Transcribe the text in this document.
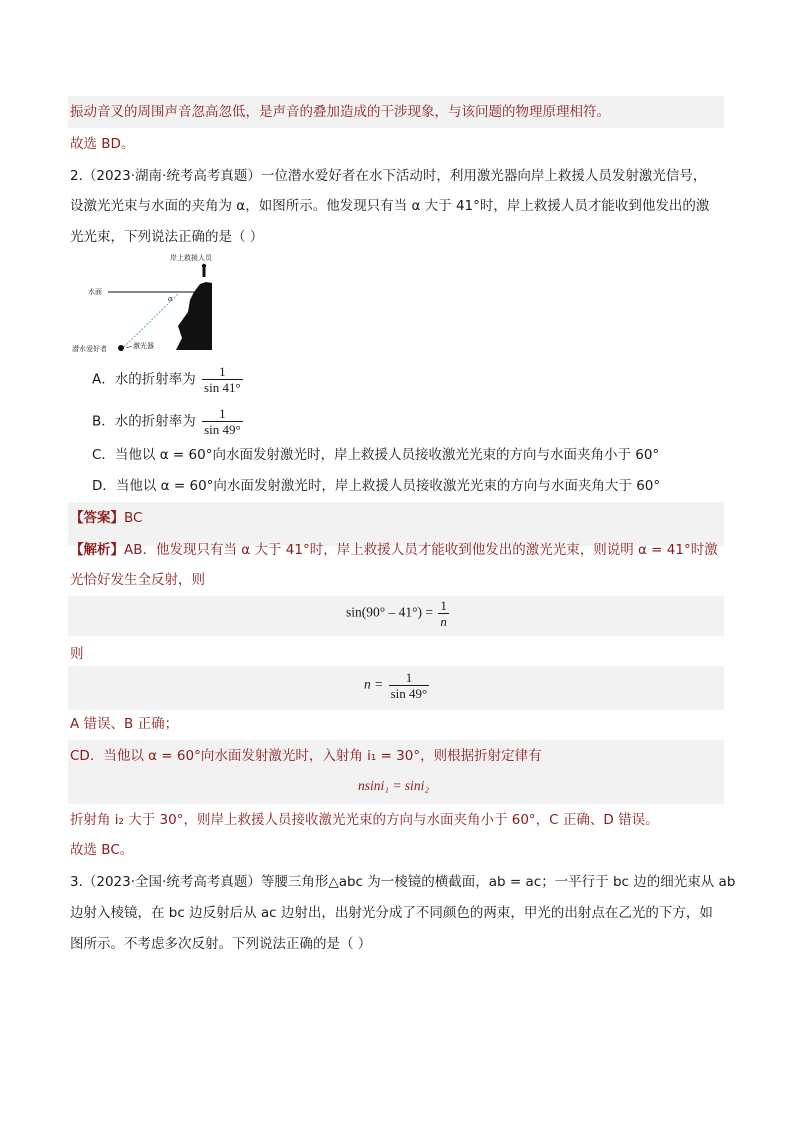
振动音叉的周围声音忽高忽低，是声音的叠加造成的干涉现象，与该问题的物理原理相符。
故选 BD。
2.（2023·湖南·统考高考真题）一位潜水爱好者在水下活动时，利用激光器向岸上救援人员发射激光信号，
设激光光束与水面的夹角为 α，如图所示。他发现只有当 α 大于 41°时，岸上救援人员才能收到他发出的激
光光束，下列说法正确的是（ ）
岸上救援人员
水面
α
潜水爱好者	激光器
A．水的折射率为 $\frac{1}{\sin 41^\circ}$
B．水的折射率为 $\frac{1}{\sin 49^\circ}$
C．当他以 α = 60°向水面发射激光时，岸上救援人员接收激光光束的方向与水面夹角小于 60°
D．当他以 α = 60°向水面发射激光时，岸上救援人员接收激光光束的方向与水面夹角大于 60°
【答案】BC
【解析】AB．他发现只有当 α 大于 41°时，岸上救援人员才能收到他发出的激光光束，则说明 α = 41°时激
光恰好发生全反射，则
$\sin(90^\circ - 41^\circ) = \frac{1}{n}$
则
$n = \frac{1}{\sin 49^\circ}$
A 错误、B 正确；
CD．当他以 α = 60°向水面发射激光时，入射角 i₁ = 30°，则根据折射定律有
nsini₁ = sini₂
折射角 i₂ 大于 30°，则岸上救援人员接收激光光束的方向与水面夹角小于 60°，C 正确、D 错误。
故选 BC。
3.（2023·全国·统考高考真题）等腰三角形△abc 为一棱镜的横截面，ab = ac；一平行于 bc 边的细光束从 ab
边射入棱镜，在 bc 边反射后从 ac 边射出，出射光分成了不同颜色的两束，甲光的出射点在乙光的下方，如
图所示。不考虑多次反射。下列说法正确的是（ ）
